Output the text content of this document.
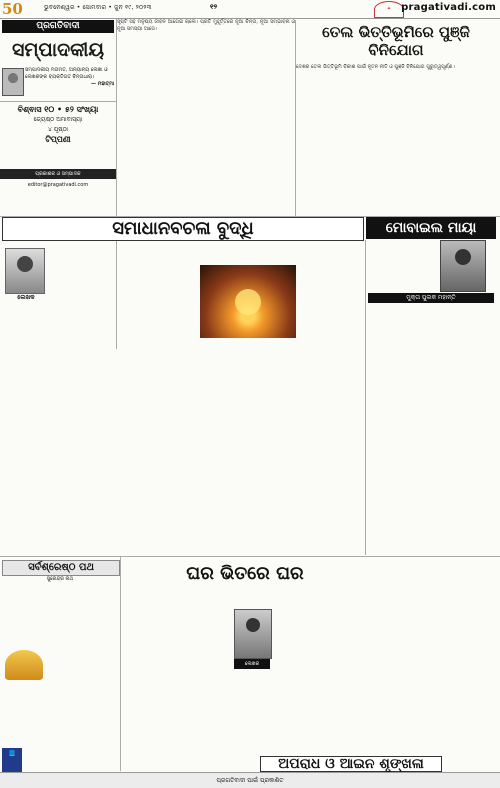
50	ଭୁବନେଶ୍ୱର • ସୋମବାର • ଜୁନ ୧୯, ୨୦୨୩	୧୨	✦	pragativadi.com
ପ୍ରଗତିବାଦୀ
ସମ୍ପାଦକୀୟ
ସମ୍ପାଦକୀୟ ମତାମତ, ଅନ୍ୟାନ୍ୟ ଲେଖା ଓ ଲେଖକଙ୍କ ବ୍ୟକ୍ତିଗତ ଚିନ୍ତାଧାରା।
— ମହାତ୍ମା
ବିଶ୍ଵାସ ୧୦ • ୫୨ ସଂଖ୍ୟା
ଜ୍ୟେଷ୍ଠ ଅମାବାସ୍ୟା
୪ ପୃଷ୍ଠା
ଟିପ୍ପଣୀ
ପ୍ରକାଶକ ଓ ସମ୍ପାଦକ
editor@pragativadi.com
ସୃଷ୍ଟି ସହ ମନୁଷ୍ୟ ଜୀବନ ଆଗେଇ ଚାଲେ। ପ୍ରତି ମୁହୂର୍ତ୍ତରେ ନୂଆ ଚିନ୍ତା, ନୂଆ ସମ୍ଭାବନା ଓ ନୂଆ ସମସ୍ୟା ଆସେ।	ତେଲ ଭିତ୍ତିଭୂମିରେ ପୁଞ୍ଜି ବିନିଯୋଗ
ଦେଶର ତେଲ ଭିତ୍ତିଭୂମି ବିକାଶ ପାଇଁ ନୂତନ ନୀତି ଓ ପୁଞ୍ଜି ବିନିଯୋଗ ଗୁରୁତ୍ୱପୂର୍ଣ୍ଣ।
ସମାଧାନବଚଳା ବୁଦ୍ଧି	ମୋବାଇଲ ମାୟା
ଲେଖକ	ମୁକ୍ତା ପୁଲକ ମହାନ୍ତି
ସର୍ବଶ୍ରେଷ୍ଠ ପଥ
ସୁରେନ୍ଦ୍ର ନାଥ	ଘର ଭିତରେ ଘର
ଲେଖକ
📘
ଅପରାଧ ଓ ଆଇନ ଶୃଙ୍ଖଳା
ପ୍ରଗତିବାଦୀ ପାଇଁ ପ୍ରକାଶିତ
